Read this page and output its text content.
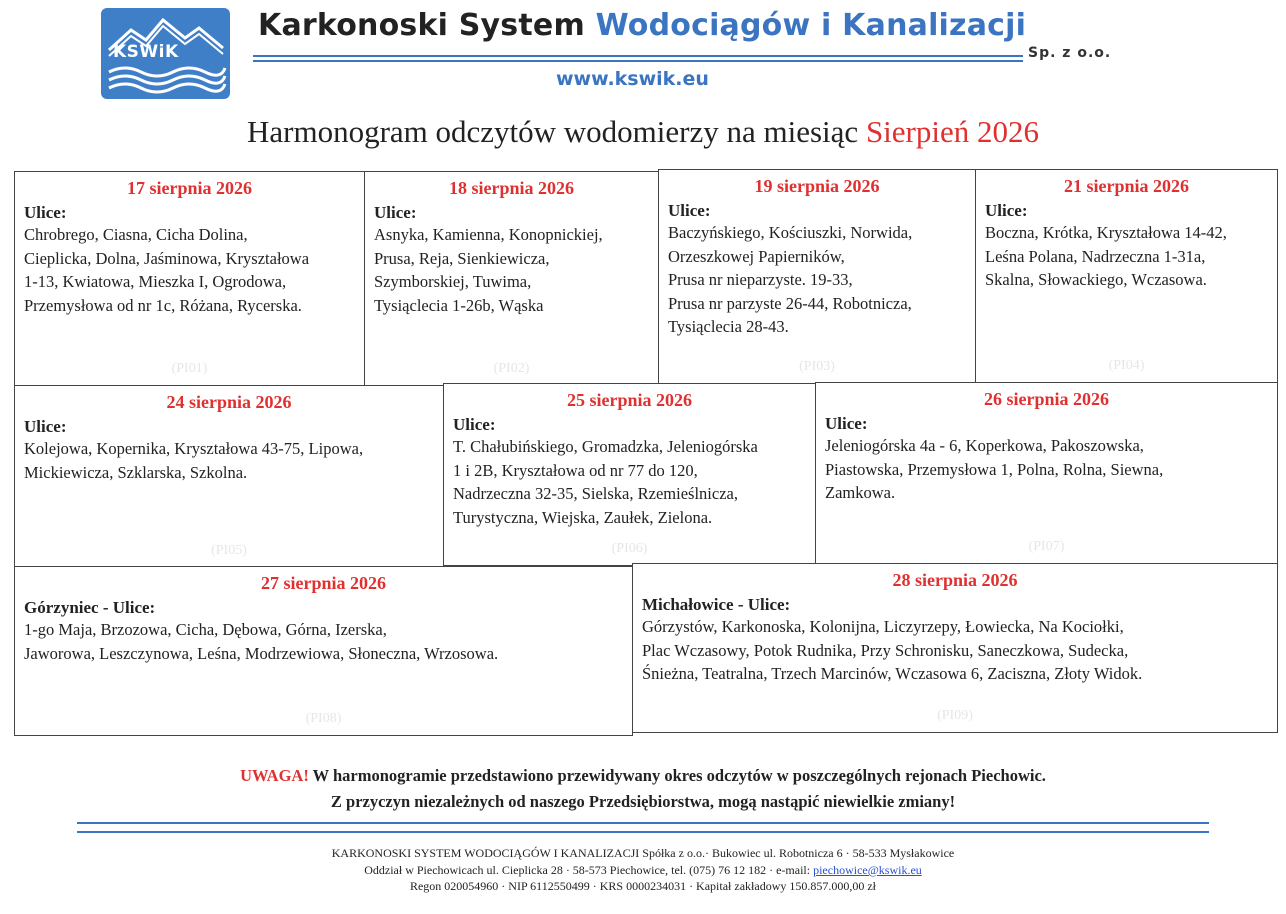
KSWiK
Karkonoski System Wodociągów i Kanalizacji
Sp. z o.o.
www.kswik.eu
Harmonogram odczytów wodomierzy na miesiąc Sierpień 2026
17 sierpnia 2026
Ulice:
Chrobrego, Ciasna, Cicha Dolina,
Cieplicka, Dolna, Jaśminowa, Kryształowa
1-13, Kwiatowa, Mieszka I, Ogrodowa,
Przemysłowa od nr 1c, Różana, Rycerska.
(PI01)
18 sierpnia 2026
Ulice:
Asnyka, Kamienna, Konopnickiej,
Prusa, Reja, Sienkiewicza,
Szymborskiej, Tuwima,
Tysiąclecia 1-26b, Wąska
(PI02)
19 sierpnia 2026
Ulice:
Baczyńskiego, Kościuszki, Norwida,
Orzeszkowej Papierników,
Prusa nr nieparzyste. 19-33,
Prusa nr parzyste 26-44, Robotnicza,
Tysiąclecia 28-43.
(PI03)
21 sierpnia 2026
Ulice:
Boczna, Krótka, Kryształowa 14-42,
Leśna Polana, Nadrzeczna 1-31a,
Skalna, Słowackiego, Wczasowa.
(PI04)
24 sierpnia 2026
Ulice:
Kolejowa, Kopernika, Kryształowa 43-75, Lipowa,
Mickiewicza, Szklarska, Szkolna.
(PI05)
25 sierpnia 2026
Ulice:
T. Chałubińskiego, Gromadzka, Jeleniogórska
1 i 2B, Kryształowa od nr 77 do 120,
Nadrzeczna 32-35, Sielska, Rzemieślnicza,
Turystyczna, Wiejska, Zaułek, Zielona.
(PI06)
26 sierpnia 2026
Ulice:
Jeleniogórska 4a - 6, Koperkowa, Pakoszowska,
Piastowska, Przemysłowa 1, Polna, Rolna, Siewna,
Zamkowa.
(PI07)
27 sierpnia 2026
Górzyniec - Ulice:
1-go Maja, Brzozowa, Cicha, Dębowa, Górna, Izerska,
Jaworowa, Leszczynowa, Leśna, Modrzewiowa, Słoneczna, Wrzosowa.
(PI08)
28 sierpnia 2026
Michałowice - Ulice:
Górzystów, Karkonoska, Kolonijna, Liczyrzepy, Łowiecka, Na Kociołki,
Plac Wczasowy, Potok Rudnika, Przy Schronisku, Saneczkowa, Sudecka,
Śnieżna, Teatralna, Trzech Marcinów, Wczasowa 6, Zaciszna, Złoty Widok.
(PI09)
UWAGA! W harmonogramie przedstawiono przewidywany okres odczytów w poszczególnych rejonach Piechowic.
Z przyczyn niezależnych od naszego Przedsiębiorstwa, mogą nastąpić niewielkie zmiany!
KARKONOSKI SYSTEM WODOCIĄGÓW I KANALIZACJI Spółka z o.o.· Bukowiec ul. Robotnicza 6 · 58-533 Mysłakowice
Oddział w Piechowicach ul. Cieplicka 28 · 58-573 Piechowice, tel. (075) 76 12 182 · e-mail: piechowice@kswik.eu
Regon 020054960 · NIP 6112550499 · KRS 0000234031 · Kapitał zakładowy 150.857.000,00 zł
